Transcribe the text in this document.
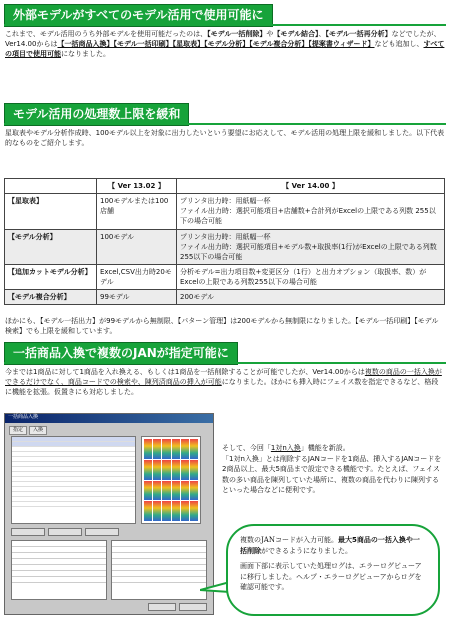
外部モデルがすべてのモデル活用で使用可能に
これまで、モデル活用のうち外部モデルを使用可能だったのは、【モデル一括削除】や【モデル結合】、【モデル一括再分析】などでしたが、Ver14.00からは【一括商品入換】【モデル一括印刷】【星取表】【モデル分析】【モデル複合分析】【提案書ウィザード】なども追加し、すべての項目で使用可能になりました。
モデル活用の処理数上限を緩和
星取表やモデル分析作成時、100モデル以上を対象に出力したいという要望にお応えして、モデル活用の処理上限を緩和しました。以下代表的なものをご紹介します。
	【 Ver 13.02 】	【 Ver 14.00 】
【星取表】	100モデルまたは100店舗	プリンタ出力時：用紙幅一杯
ファイル出力時：選択可能項目+店舗数+合計列がExcelの上限である列数 255以下の場合可能
【モデル分析】	100モデル	プリンタ出力時：用紙幅一杯
ファイル出力時：選択可能項目+モデル数+取扱率(1行)がExcelの上限である列数255以下の場合可能
【追加カットモデル分析】	Excel,CSV出力時20モデル	分析モデル=出力項目数+変更区分（1行）と出力オプション（取扱率、数）がExcelの上限である列数255以下の場合可能
【モデル複合分析】	99モデル	200モデル
ほかにも、【モデル一括出力】が99モデルから無制限、【パターン管理】は200モデルから無制限になりました。【モデル一括印刷】【モデル検索】でも上限を緩和しています。
一括商品入換で複数のJANが指定可能に
今までは1商品に対して1商品を入れ換える、もしくは1商品を一括削除することが可能でしたが、Ver14.00からは複数の商品の一括入換ができるだけでなく、商品コードでの検索や、陳列済商品の挿入が可能になりました。ほかにも挿入時にフェイス数を指定できるなど、格段に機能を拡張。仮置きにも対応しました。
一括商品入換
指定	入換
そして、今回「1対n入換」機能を新設。
「1対n入換」とは削除するJANコードを1商品、挿入するJANコードを2商品以上、最大5商品まで設定できる機能です。たとえば、フェイス数の多い商品を陳列していた場所に、複数の商品を代わりに陳列するといった場合などに便利です。

複数のJANコードが入力可能。最大5商品の一括入換や一括削除ができるようになりました。

画面下部に表示していた処理ログは、エラーログビューアに移行しました。ヘルプ・エラーログビューアからログを確認可能です。
